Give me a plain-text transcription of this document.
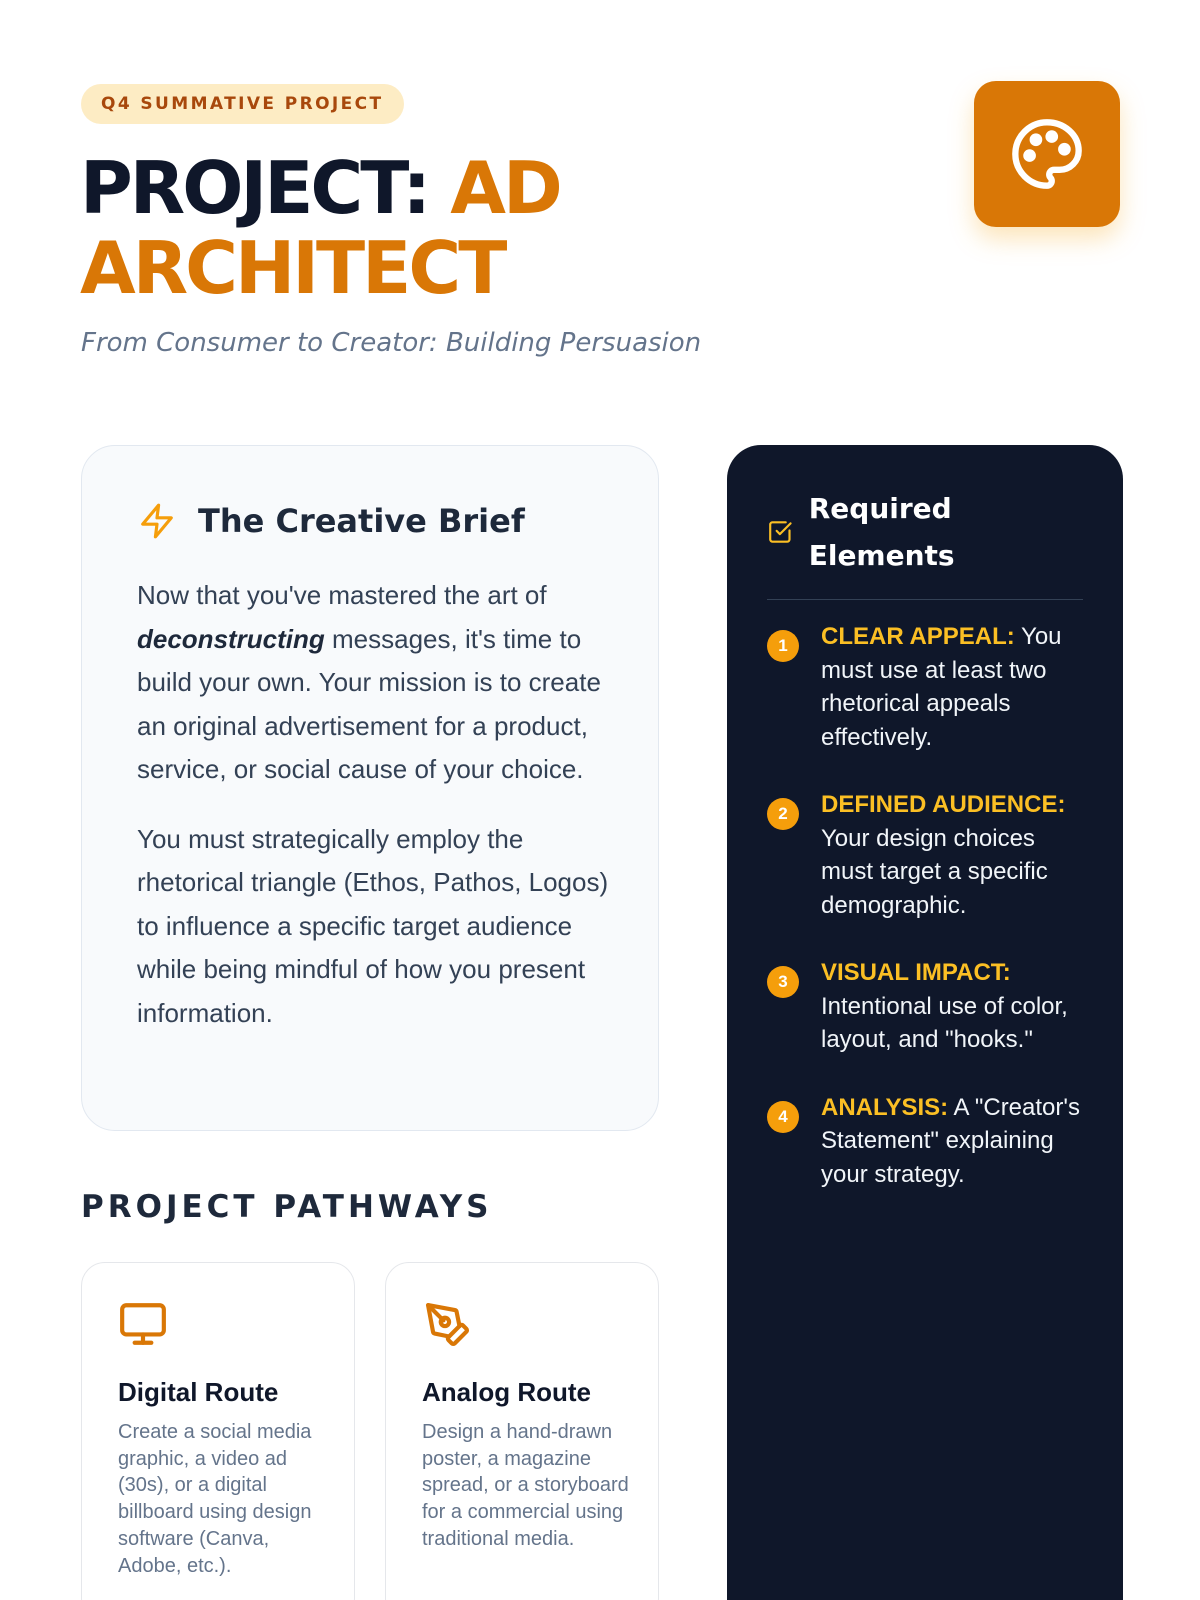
Q4 SUMMATIVE PROJECT
PROJECT: AD ARCHITECT
From Consumer to Creator: Building Persuasion
The Creative Brief

Now that you've mastered the art of deconstructing messages, it's time to build your own. Your mission is to create an original advertisement for a product, service, or social cause of your choice.

You must strategically employ the rhetorical triangle (Ethos, Pathos, Logos) to influence a specific target audience while being mindful of how you present information.

PROJECT PATHWAYS
Digital Route
Create a social media graphic, a video ad (30s), or a digital billboard using design software (Canva, Adobe, etc.).
Analog Route
Design a hand-drawn poster, a magazine spread, or a storyboard for a commercial using traditional media.
Required Elements
1	CLEAR APPEAL: You must use at least two rhetorical appeals effectively.
2	DEFINED AUDIENCE: Your design choices must target a specific demographic.
3	VISUAL IMPACT: Intentional use of color, layout, and "hooks."
4	ANALYSIS: A "Creator's Statement" explaining your strategy.
